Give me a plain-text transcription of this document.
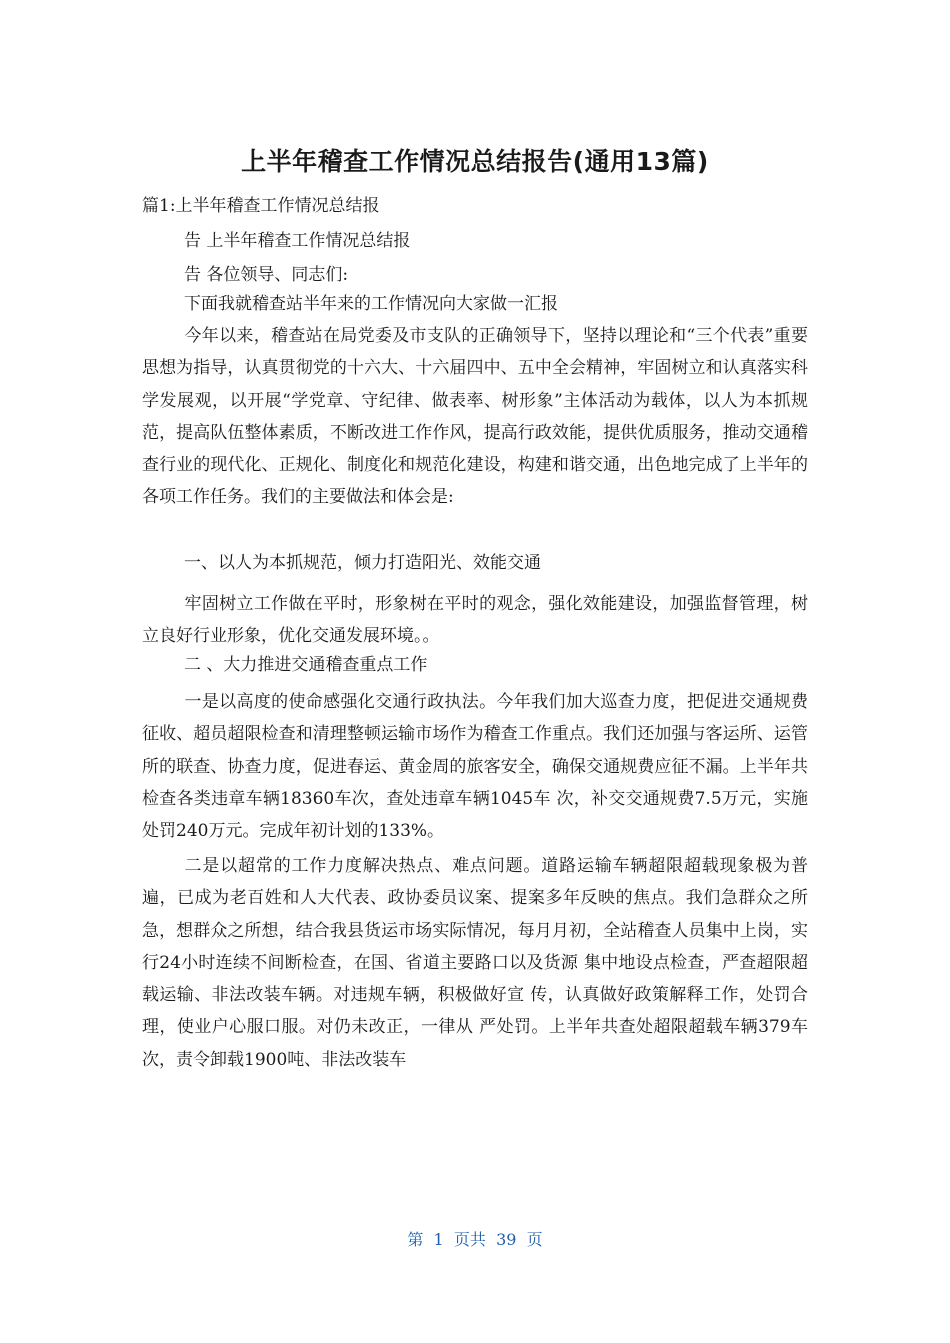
上半年稽查工作情况总结报告(通用13篇)
篇1:上半年稽查工作情况总结报
告 上半年稽查工作情况总结报
告 各位领导、同志们:
下面我就稽查站半年来的工作情况向大家做一汇报

今年以来，稽查站在局党委及市支队的正确领导下，坚持以理论和“三个代表”重要思想为指导，认真贯彻党的十六大、十六届四中、五中全会精神，牢固树立和认真落实科学发展观，以开展“学党章、守纪律、做表率、树形象”主体活动为载体，以人为本抓规范，提高队伍整体素质，不断改进工作作风，提高行政效能，提供优质服务，推动交通稽查行业的现代化、正规化、制度化和规范化建设，构建和谐交通，出色地完成了上半年的各项工作任务。我们的主要做法和体会是:

一、以人为本抓规范，倾力打造阳光、效能交通

牢固树立工作做在平时，形象树在平时的观念，强化效能建设，加强监督管理，树立良好行业形象，优化交通发展环境。。

二 、大力推进交通稽查重点工作

一是以高度的使命感强化交通行政执法。今年我们加大巡查力度，把促进交通规费征收、超员超限检查和清理整顿运输市场作为稽查工作重点。我们还加强与客运所、运管所的联查、协查力度，促进春运、黄金周的旅客安全，确保交通规费应征不漏。上半年共检查各类违章车辆18360车次，查处违章车辆1045车 次，补交交通规费7.5万元，实施处罚240万元。完成年初计划的133%。

二是以超常的工作力度解决热点、难点问题。道路运输车辆超限超载现象极为普遍，已成为老百姓和人大代表、政协委员议案、提案多年反映的焦点。我们急群众之所急，想群众之所想，结合我县货运市场实际情况，每月月初，全站稽查人员集中上岗，实行24小时连续不间断检查，在国、省道主要路口以及货源 集中地设点检查，严查超限超载运输、非法改装车辆。对违规车辆，积极做好宣 传，认真做好政策解释工作，处罚合理，使业户心服口服。对仍未改正，一律从 严处罚。上半年共查处超限超载车辆379车次，责令卸载1900吨、非法改装车

第  1  页共  39  页
